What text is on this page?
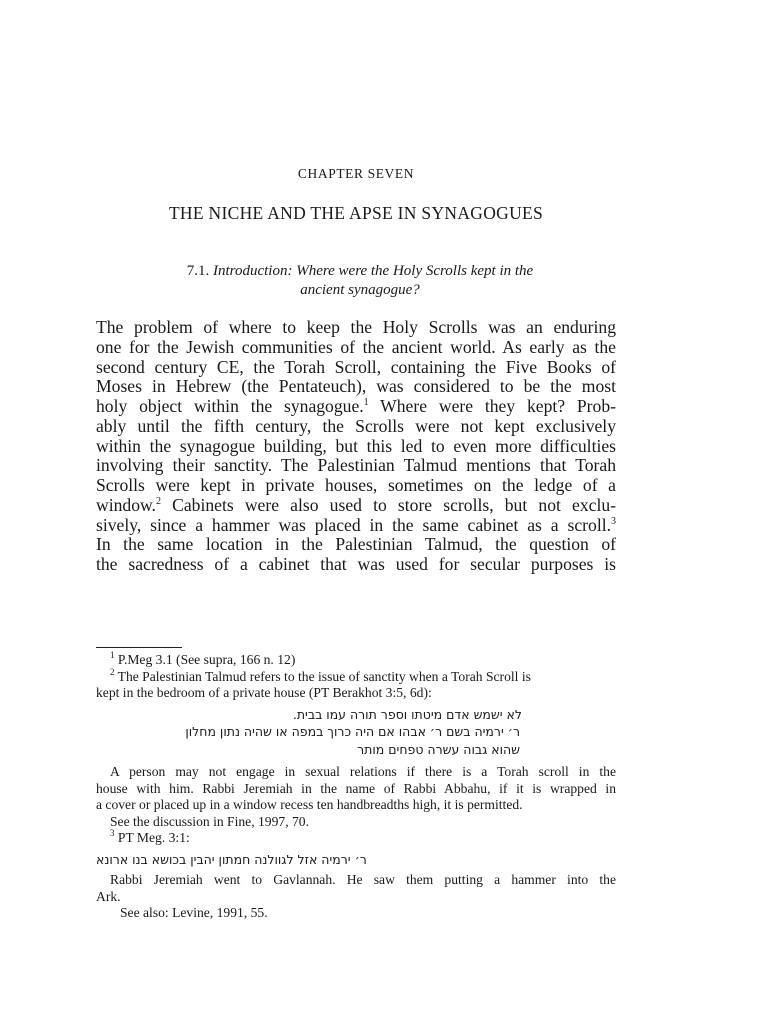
CHAPTER SEVEN
THE NICHE AND THE APSE IN SYNAGOGUES
7.1. Introduction: Where were the Holy Scrolls kept in the
ancient synagogue?
The problem of where to keep the Holy Scrolls was an enduring
one for the Jewish communities of the ancient world. As early as the
second century CE, the Torah Scroll, containing the Five Books of
Moses in Hebrew (the Pentateuch), was considered to be the most
holy object within the synagogue.$^1$ Where were they kept? Prob-
ably until the fifth century, the Scrolls were not kept exclusively
within the synagogue building, but this led to even more difficulties
involving their sanctity. The Palestinian Talmud mentions that Torah
Scrolls were kept in private houses, sometimes on the ledge of a
window.$^2$ Cabinets were also used to store scrolls, but not exclu-
sively, since a hammer was placed in the same cabinet as a scroll.$^3$
In the same location in the Palestinian Talmud, the question of
the sacredness of a cabinet that was used for secular purposes is
$^1$ P.Meg 3.1 (See supra, 166 n. 12)
$^2$ The Palestinian Talmud refers to the issue of sanctity when a Torah Scroll is
kept in the bedroom of a private house (PT Berakhot 3:5, 6d):
לא ישמש אדם מיטתו וספר תורה עמו בבית.
ר׳ ירמיה בשם ר׳ אבהו אם היה כרוך במפה או שהיה נתון מחלון
שהוא גבוה עשרה טפחים מותר
A person may not engage in sexual relations if there is a Torah scroll in the
house with him. Rabbi Jeremiah in the name of Rabbi Abbahu, if it is wrapped in
a cover or placed up in a window recess ten handbreadths high, it is permitted.
See the discussion in Fine, 1997, 70.
$^3$ PT Meg. 3:1:
ר׳ ירמיה אזל לגוולנה חמתון יהבין בכושא בנו ארונא
Rabbi Jeremiah went to Gavlannah. He saw them putting a hammer into the
Ark.
See also: Levine, 1991, 55.
